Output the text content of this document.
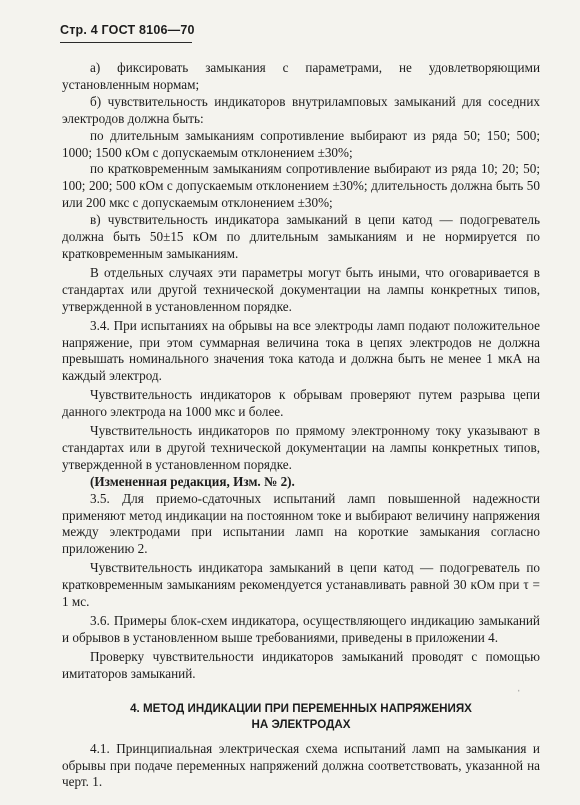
Стр. 4 ГОСТ 8106—70

а) фиксировать замыкания с параметрами, не удовлетворяющими установленным нормам;

б) чувствительность индикаторов внутриламповых замыканий для соседних электродов должна быть:

по длительным замыканиям сопротивление выбирают из ряда 50; 150; 500; 1000; 1500 кОм с допускаемым отклонением ±30%;

по кратковременным замыканиям сопротивление выбирают из ряда 10; 20; 50; 100; 200; 500 кОм с допускаемым отклонением ±30%; длительность должна быть 50 или 200 мкс с допускаемым отклонением ±30%;

в) чувствительность индикатора замыканий в цепи катод — подогреватель должна быть 50±15 кОм по длительным замыканиям и не нормируется по кратковременным замыканиям.

В отдельных случаях эти параметры могут быть иными, что оговаривается в стандартах или другой технической документации на лампы конкретных типов, утвержденной в установленном порядке.

3.4. При испытаниях на обрывы на все электроды ламп подают положительное напряжение, при этом суммарная величина тока в цепях электродов не должна превышать номинального значения тока катода и должна быть не менее 1 мкА на каждый электрод.

Чувствительность индикаторов к обрывам проверяют путем разрыва цепи данного электрода на 1000 мкс и более.

Чувствительность индикаторов по прямому электронному току указывают в стандартах или в другой технической документации на лампы конкретных типов, утвержденной в установленном порядке.

(Измененная редакция, Изм. № 2).

3.5. Для приемо-сдаточных испытаний ламп повышенной надежности применяют метод индикации на постоянном токе и выбирают величину напряжения между электродами при испытании ламп на короткие замыкания согласно приложению 2.

Чувствительность индикатора замыканий в цепи катод — подогреватель по кратковременным замыканиям рекомендуется устанавливать равной 30 кОм при τ = 1 мс.

3.6. Примеры блок-схем индикатора, осуществляющего индикацию замыканий и обрывов в установленном выше требованиями, приведены в приложении 4.

Проверку чувствительности индикаторов замыканий проводят с помощью имитаторов замыканий.

4. МЕТОД ИНДИКАЦИИ ПРИ ПЕРЕМЕННЫХ НАПРЯЖЕНИЯХ
НА ЭЛЕКТРОДАХ

4.1. Принципиальная электрическая схема испытаний ламп на замыкания и обрывы при подаче переменных напряжений должна соответствовать, указанной на черт. 1.

ˈ
